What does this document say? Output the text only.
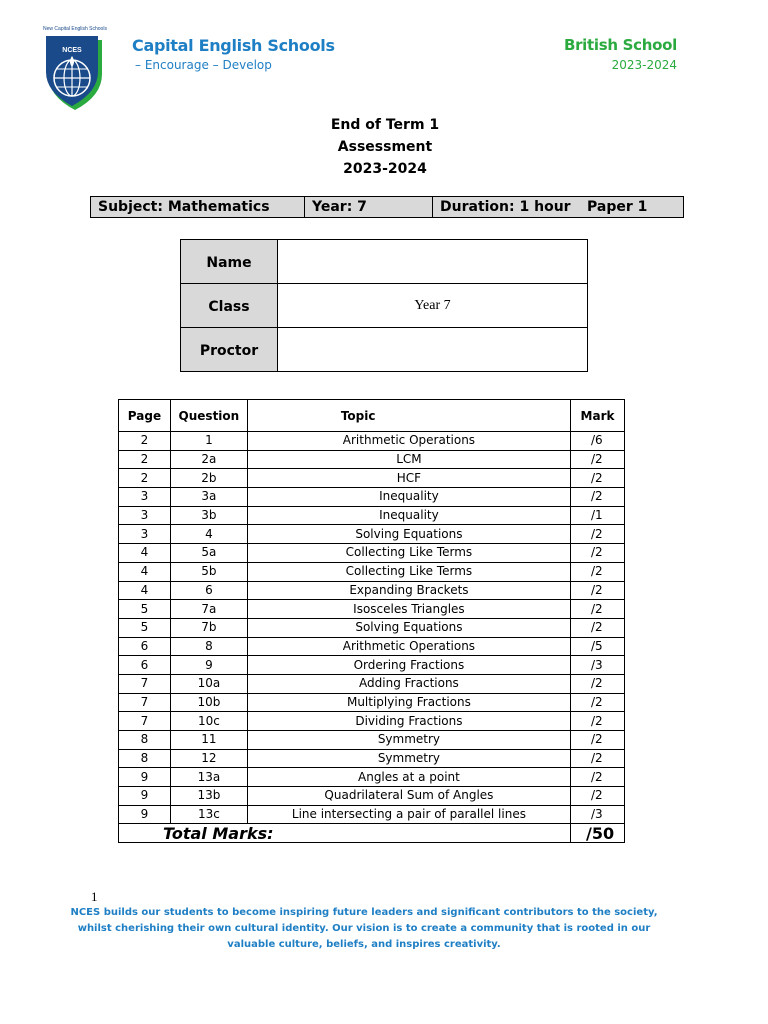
New Capital English Schools
NCES	Capital English Schools
– Encourage – Develop
British School
2023-2024
End of Term 1
Assessment
2023-2024
Subject: Mathematics	Year: 7	Duration: 1 hour	Paper 1
Name	
Class	Year 7
Proctor	
Page	Question	Topic	Mark
2	1	Arithmetic Operations	/6
2	2a	LCM	/2
2	2b	HCF	/2
3	3a	Inequality	/2
3	3b	Inequality	/1
3	4	Solving Equations	/2
4	5a	Collecting Like Terms	/2
4	5b	Collecting Like Terms	/2
4	6	Expanding Brackets	/2
5	7a	Isosceles Triangles	/2
5	7b	Solving Equations	/2
6	8	Arithmetic Operations	/5
6	9	Ordering Fractions	/3
7	10a	Adding Fractions	/2
7	10b	Multiplying Fractions	/2
7	10c	Dividing Fractions	/2
8	11	Symmetry	/2
8	12	Symmetry	/2
9	13a	Angles at a point	/2
9	13b	Quadrilateral Sum of Angles	/2
9	13c	Line intersecting a pair of parallel lines	/3
Total Marks:			/50
1
NCES builds our students to become inspiring future leaders and significant contributors to the society, whilst cherishing their own cultural identity. Our vision is to create a community that is rooted in our valuable culture, beliefs, and inspires creativity.
